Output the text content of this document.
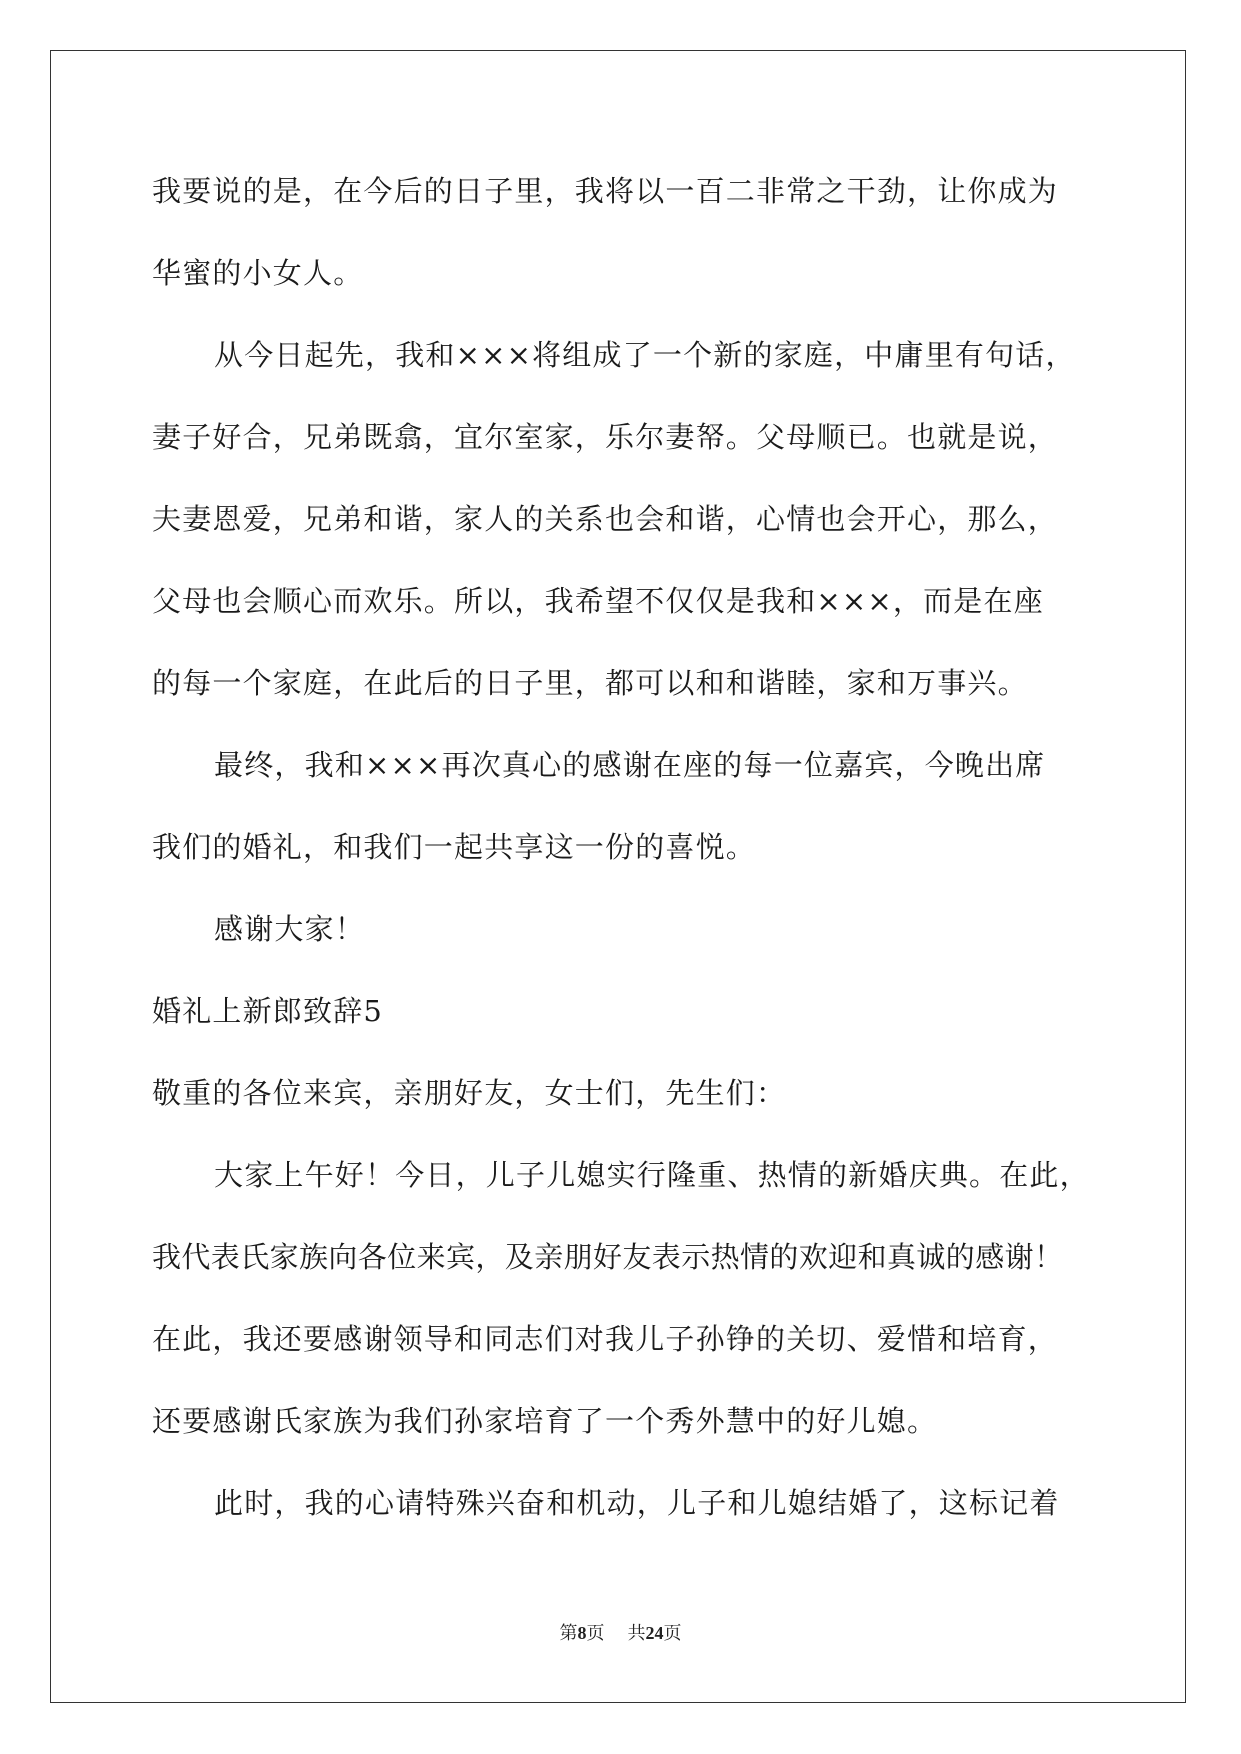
我要说的是，在今后的日子里，我将以一百二非常之干劲，让你成为
华蜜的小女人。
从今日起先，我和×××将组成了一个新的家庭，中庸里有句话，
妻子好合，兄弟既翕，宜尔室家，乐尔妻帑。父母顺已。也就是说，
夫妻恩爱，兄弟和谐，家人的关系也会和谐，心情也会开心，那么，
父母也会顺心而欢乐。所以，我希望不仅仅是我和×××，而是在座
的每一个家庭，在此后的日子里，都可以和和谐睦，家和万事兴。
最终，我和×××再次真心的感谢在座的每一位嘉宾，今晚出席
我们的婚礼，和我们一起共享这一份的喜悦。
感谢大家！
婚礼上新郎致辞5
敬重的各位来宾，亲朋好友，女士们，先生们：
大家上午好！今日，儿子儿媳实行隆重、热情的新婚庆典。在此，
我代表氏家族向各位来宾，及亲朋好友表示热情的欢迎和真诚的感谢！
在此，我还要感谢领导和同志们对我儿子孙铮的关切、爱惜和培育，
还要感谢氏家族为我们孙家培育了一个秀外慧中的好儿媳。
此时，我的心请特殊兴奋和机动，儿子和儿媳结婚了，这标记着
第8页 共24页
